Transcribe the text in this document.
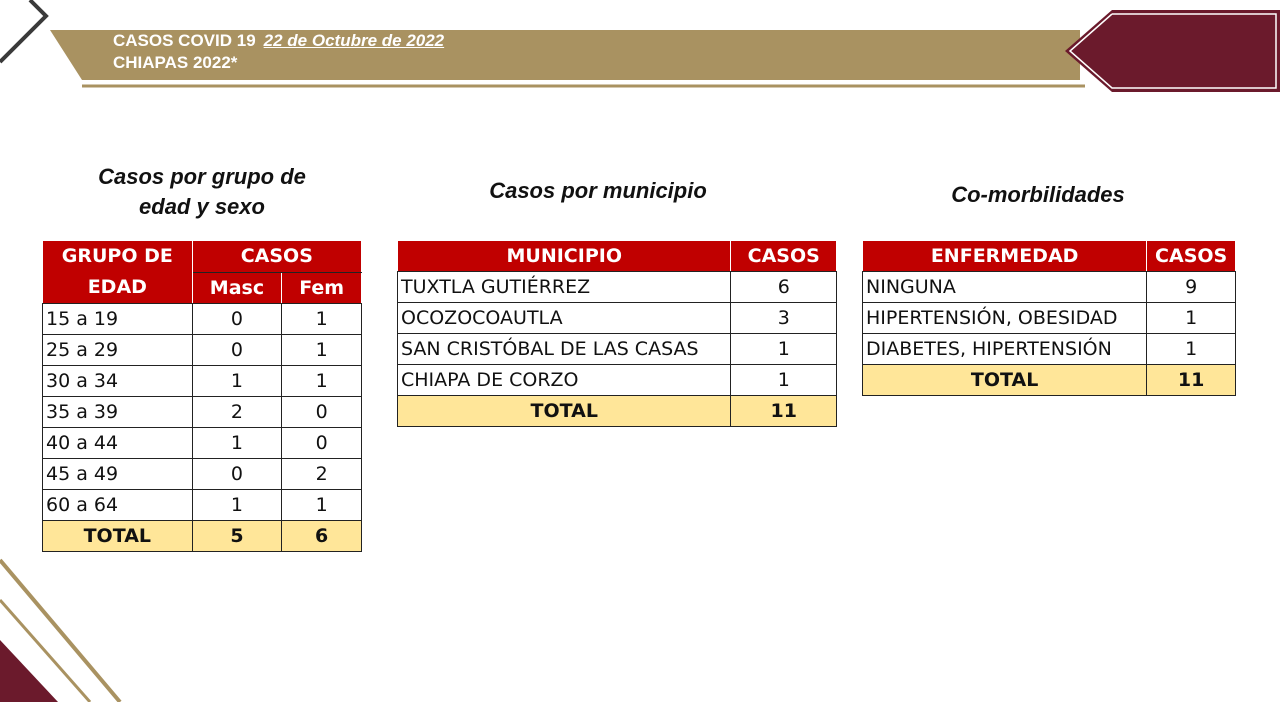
CASOS COVID 19 22 de Octubre de 2022
CHIAPAS 2022*
Casos por grupo de
edad y sexo
Casos por municipio	Co-morbilidades
GRUPO DE
EDAD	CASOS	
	Masc	Fem
15 a 19	0	1
25 a 29	0	1
30 a 34	1	1
35 a 39	2	0
40 a 44	1	0
45 a 49	0	2
60 a 64	1	1
TOTAL	5	6
MUNICIPIO	CASOS
TUXTLA GUTIÉRREZ	6
OCOZOCOAUTLA	3
SAN CRISTÓBAL DE LAS CASAS	1
CHIAPA DE CORZO	1
TOTAL	11
ENFERMEDAD	CASOS
NINGUNA	9
HIPERTENSIÓN, OBESIDAD	1
DIABETES, HIPERTENSIÓN	1
TOTAL	11
